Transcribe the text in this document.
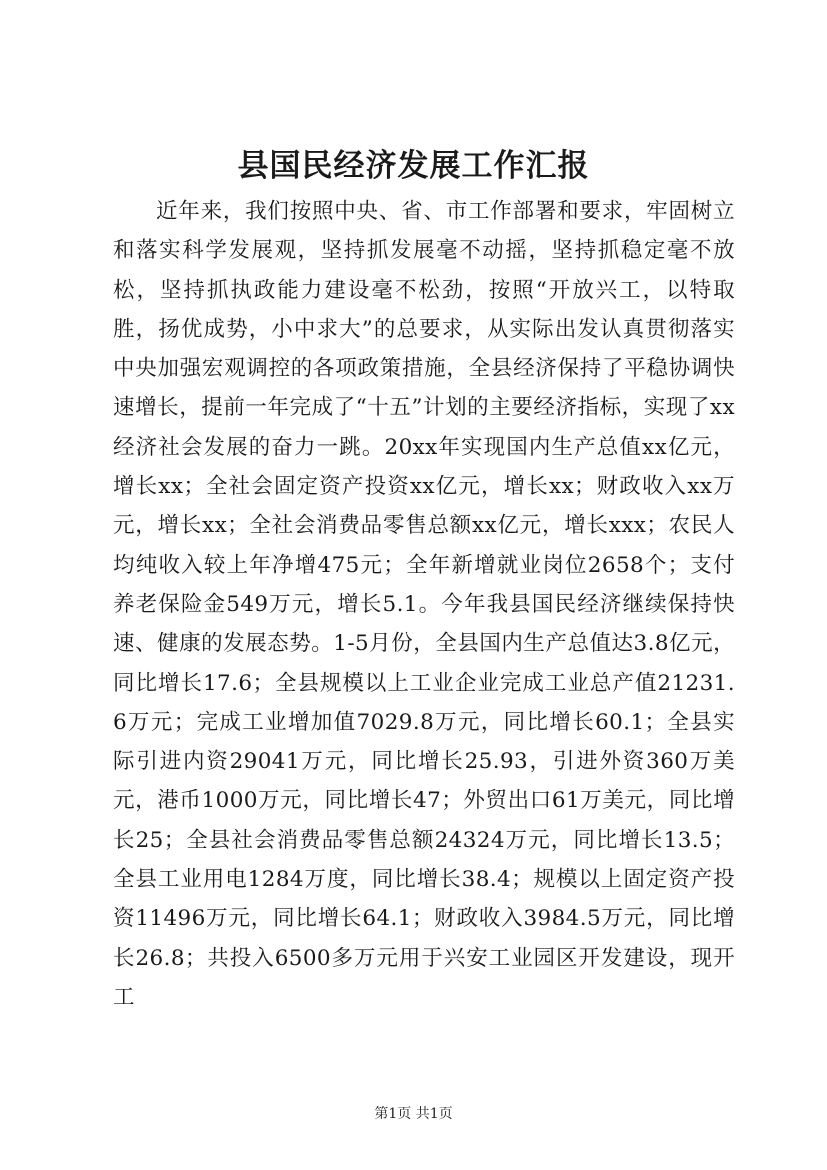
县国民经济发展工作汇报

近年来，我们按照中央、省、市工作部署和要求，牢固树立和落实科学发展观，坚持抓发展毫不动摇，坚持抓稳定毫不放松，坚持抓执政能力建设毫不松劲，按照“开放兴工，以特取胜，扬优成势，小中求大”的总要求，从实际出发认真贯彻落实中央加强宏观调控的各项政策措施，全县经济保持了平稳协调快速增长，提前一年完成了“十五”计划的主要经济指标，实现了xx经济社会发展的奋力一跳。20xx年实现国内生产总值xx亿元，增长xx；全社会固定资产投资xx亿元，增长xx；财政收入xx万元，增长xx；全社会消费品零售总额xx亿元，增长xxx；农民人均纯收入较上年净增475元；全年新增就业岗位2658个；支付养老保险金549万元，增长5.1。今年我县国民经济继续保持快速、健康的发展态势。1-5月份，全县国内生产总值达3.8亿元，同比增长17.6；全县规模以上工业企业完成工业总产值21231.6万元；完成工业增加值7029.8万元，同比增长60.1；全县实际引进内资29041万元，同比增长25.93，引进外资360万美元，港币1000万元，同比增长47；外贸出口61万美元，同比增长25；全县社会消费品零售总额24324万元，同比增长13.5；全县工业用电1284万度，同比增长38.4；规模以上固定资产投资11496万元，同比增长64.1；财政收入3984.5万元，同比增长26.8；共投入6500多万元用于兴安工业园区开发建设，现开工

第1页 共1页
